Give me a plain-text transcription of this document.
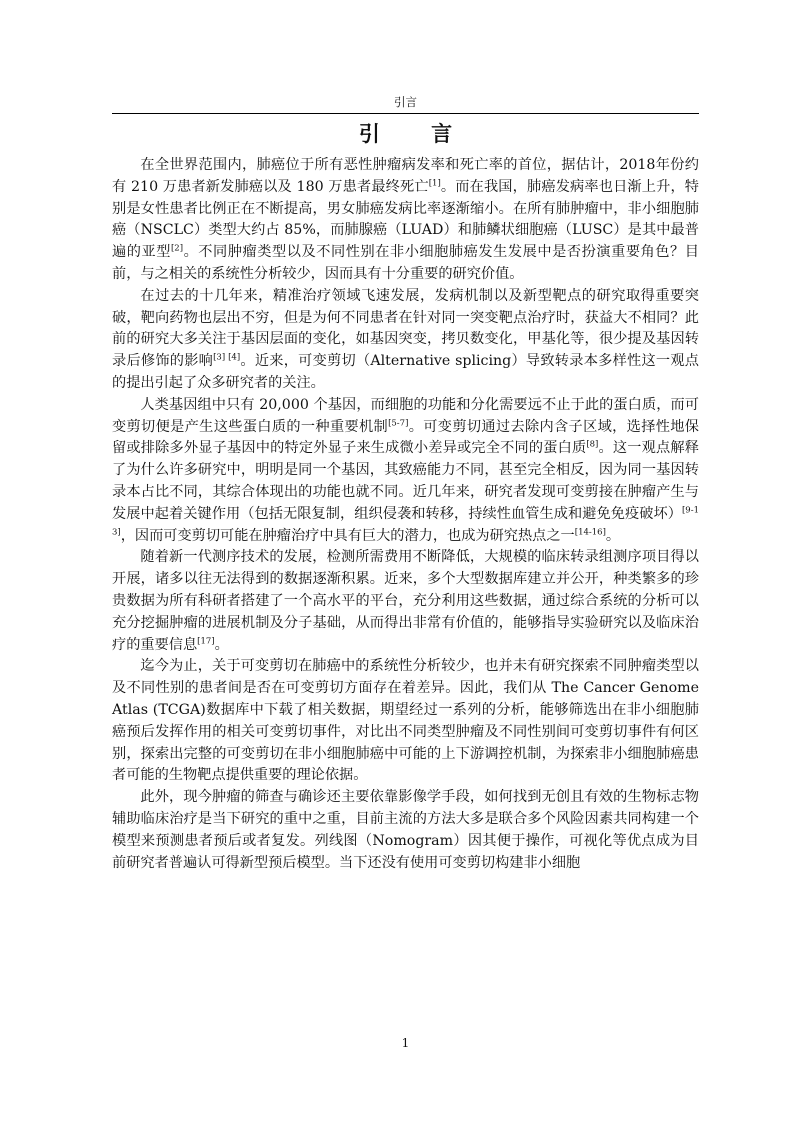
引言
引 言

在全世界范围内，肺癌位于所有恶性肿瘤病发率和死亡率的首位，据估计，2018年份约有 210 万患者新发肺癌以及 180 万患者最终死亡[1]。而在我国，肺癌发病率也日渐上升，特别是女性患者比例正在不断提高，男女肺癌发病比率逐渐缩小。在所有肺肿瘤中，非小细胞肺癌（NSCLC）类型大约占 85%，而肺腺癌（LUAD）和肺鳞状细胞癌（LUSC）是其中最普遍的亚型[2]。不同肿瘤类型以及不同性别在非小细胞肺癌发生发展中是否扮演重要角色？目前，与之相关的系统性分析较少，因而具有十分重要的研究价值。

在过去的十几年来，精准治疗领域飞速发展，发病机制以及新型靶点的研究取得重要突破，靶向药物也层出不穷，但是为何不同患者在针对同一突变靶点治疗时，获益大不相同？此前的研究大多关注于基因层面的变化，如基因突变，拷贝数变化，甲基化等，很少提及基因转录后修饰的影响[3] [4]。近来，可变剪切（Alternative splicing）导致转录本多样性这一观点的提出引起了众多研究者的关注。

人类基因组中只有 20,000 个基因，而细胞的功能和分化需要远不止于此的蛋白质，而可变剪切便是产生这些蛋白质的一种重要机制[5-7]。可变剪切通过去除内含子区域，选择性地保留或排除多外显子基因中的特定外显子来生成微小差异或完全不同的蛋白质[8]。这一观点解释了为什么许多研究中，明明是同一个基因，其致癌能力不同，甚至完全相反，因为同一基因转录本占比不同，其综合体现出的功能也就不同。近几年来，研究者发现可变剪接在肿瘤产生与发展中起着关键作用（包括无限复制，组织侵袭和转移，持续性血管生成和避免免疫破坏）[9-13]，因而可变剪切可能在肿瘤治疗中具有巨大的潜力，也成为研究热点之一[14-16]。

随着新一代测序技术的发展，检测所需费用不断降低，大规模的临床转录组测序项目得以开展，诸多以往无法得到的数据逐渐积累。近来，多个大型数据库建立并公开，种类繁多的珍贵数据为所有科研者搭建了一个高水平的平台，充分利用这些数据，通过综合系统的分析可以充分挖掘肿瘤的进展机制及分子基础，从而得出非常有价值的，能够指导实验研究以及临床治疗的重要信息[17]。

迄今为止，关于可变剪切在肺癌中的系统性分析较少，也并未有研究探索不同肿瘤类型以及不同性别的患者间是否在可变剪切方面存在着差异。因此，我们从 The Cancer Genome Atlas (TCGA)数据库中下载了相关数据，期望经过一系列的分析，能够筛选出在非小细胞肺癌预后发挥作用的相关可变剪切事件，对比出不同类型肿瘤及不同性别间可变剪切事件有何区别，探索出完整的可变剪切在非小细胞肺癌中可能的上下游调控机制，为探索非小细胞肺癌患者可能的生物靶点提供重要的理论依据。

此外，现今肿瘤的筛查与确诊还主要依靠影像学手段，如何找到无创且有效的生物标志物辅助临床治疗是当下研究的重中之重，目前主流的方法大多是联合多个风险因素共同构建一个模型来预测患者预后或者复发。列线图（Nomogram）因其便于操作，可视化等优点成为目前研究者普遍认可得新型预后模型。当下还没有使用可变剪切构建非小细胞

1
